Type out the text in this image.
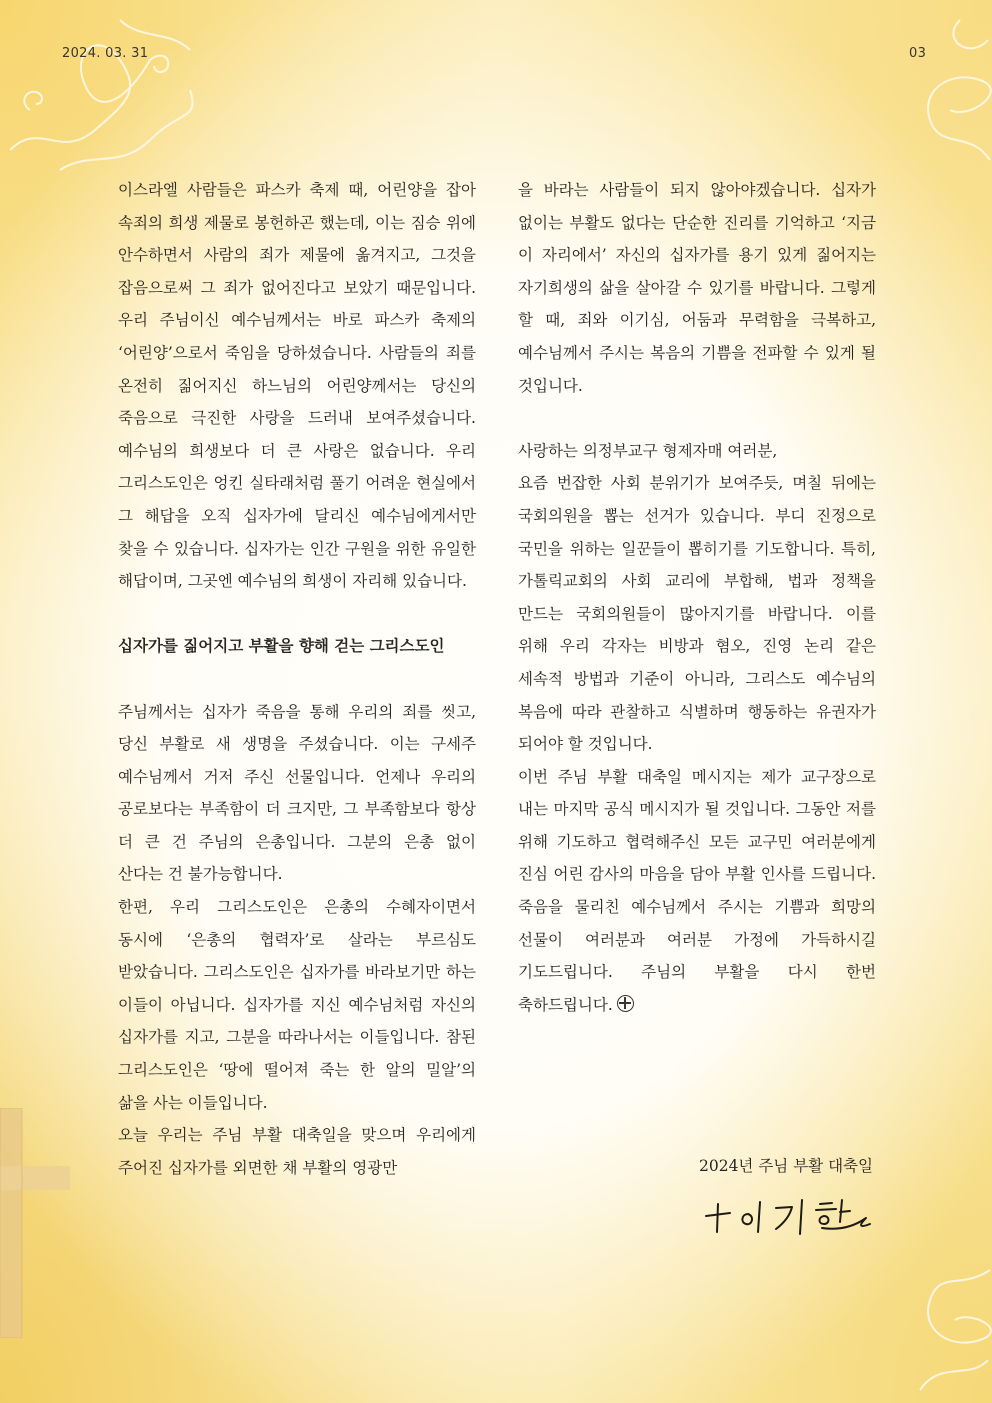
2024. 03. 31	03

이스라엘 사람들은 파스카 축제 때, 어린양을 잡아 속죄의 희생 제물로 봉헌하곤 했는데, 이는 짐승 위에 안수하면서 사람의 죄가 제물에 옮겨지고, 그것을 잡음으로써 그 죄가 없어진다고 보았기 때문입니다. 우리 주님이신 예수님께서는 바로 파스카 축제의 ‘어린양’으로서 죽임을 당하셨습니다. 사람들의 죄를 온전히 짊어지신 하느님의 어린양께서는 당신의 죽음으로 극진한 사랑을 드러내 보여주셨습니다. 예수님의 희생보다 더 큰 사랑은 없습니다. 우리 그리스도인은 엉킨 실타래처럼 풀기 어려운 현실에서 그 해답을 오직 십자가에 달리신 예수님에게서만 찾을 수 있습니다. 십자가는 인간 구원을 위한 유일한 해답이며, 그곳엔 예수님의 희생이 자리해 있습니다.

십자가를 짊어지고 부활을 향해 걷는 그리스도인

주님께서는 십자가 죽음을 통해 우리의 죄를 씻고, 당신 부활로 새 생명을 주셨습니다. 이는 구세주 예수님께서 거저 주신 선물입니다. 언제나 우리의 공로보다는 부족함이 더 크지만, 그 부족함보다 항상 더 큰 건 주님의 은총입니다. 그분의 은총 없이 산다는 건 불가능합니다.

한편, 우리 그리스도인은 은총의 수혜자이면서 동시에 ‘은총의 협력자’로 살라는 부르심도 받았습니다. 그리스도인은 십자가를 바라보기만 하는 이들이 아닙니다. 십자가를 지신 예수님처럼 자신의 십자가를 지고, 그분을 따라나서는 이들입니다. 참된 그리스도인은 ‘땅에 떨어져 죽는 한 알의 밀알’의 삶을 사는 이들입니다.

오늘 우리는 주님 부활 대축일을 맞으며 우리에게 주어진 십자가를 외면한 채 부활의 영광만

을 바라는 사람들이 되지 않아야겠습니다. 십자가 없이는 부활도 없다는 단순한 진리를 기억하고 ‘지금 이 자리에서’ 자신의 십자가를 용기 있게 짊어지는 자기희생의 삶을 살아갈 수 있기를 바랍니다. 그렇게 할 때, 죄와 이기심, 어둠과 무력함을 극복하고, 예수님께서 주시는 복음의 기쁨을 전파할 수 있게 될 것입니다.

사랑하는 의정부교구 형제자매 여러분,

요즘 번잡한 사회 분위기가 보여주듯, 며칠 뒤에는 국회의원을 뽑는 선거가 있습니다. 부디 진정으로 국민을 위하는 일꾼들이 뽑히기를 기도합니다. 특히, 가톨릭교회의 사회 교리에 부합해, 법과 정책을 만드는 국회의원들이 많아지기를 바랍니다. 이를 위해 우리 각자는 비방과 혐오, 진영 논리 같은 세속적 방법과 기준이 아니라, 그리스도 예수님의 복음에 따라 관찰하고 식별하며 행동하는 유권자가 되어야 할 것입니다.

이번 주님 부활 대축일 메시지는 제가 교구장으로 내는 마지막 공식 메시지가 될 것입니다. 그동안 저를 위해 기도하고 협력해주신 모든 교구민 여러분에게 진심 어린 감사의 마음을 담아 부활 인사를 드립니다. 죽음을 물리친 예수님께서 주시는 기쁨과 희망의 선물이 여러분과 여러분 가정에 가득하시길 기도드립니다. 주님의 부활을 다시 한번 축하드립니다.

2024년 주님 부활 대축일
